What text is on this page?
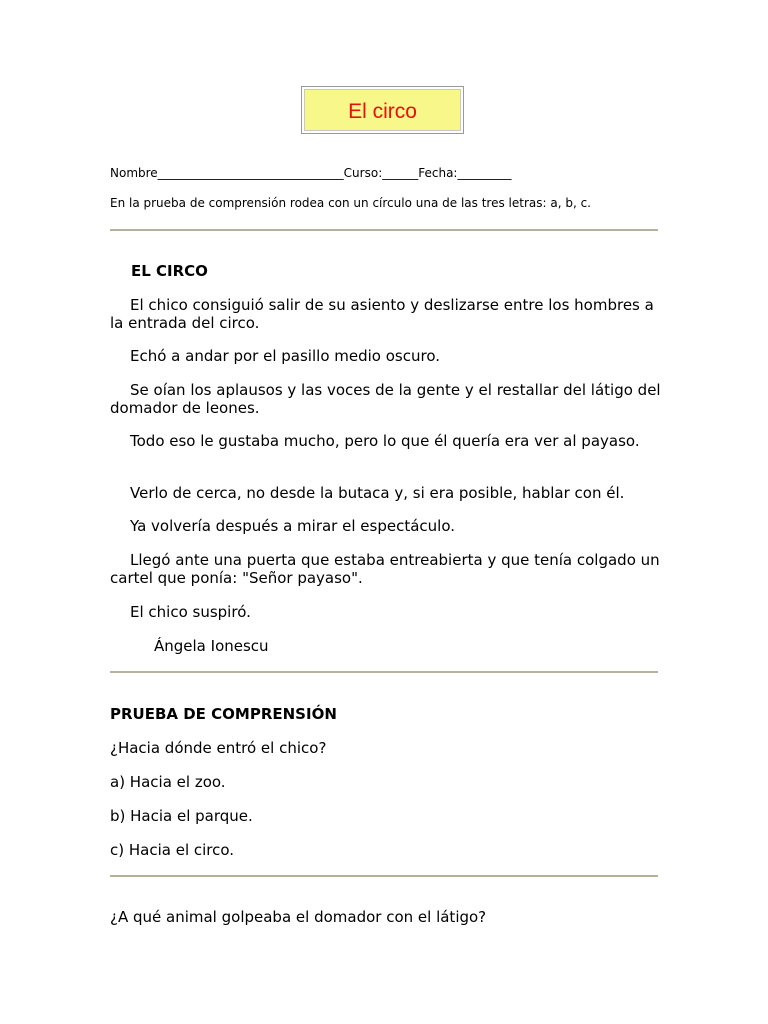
El circo
Nombre_______________________________Curso:______Fecha:_________
En la prueba de comprensión rodea con un círculo una de las tres letras: a, b, c.
EL CIRCO
El chico consiguió salir de su asiento y deslizarse entre los hombres a la entrada del circo.
Echó a andar por el pasillo medio oscuro.
Se oían los aplausos y las voces de la gente y el restallar del látigo del domador de leones.
Todo eso le gustaba mucho, pero lo que él quería era ver al payaso.
Verlo de cerca, no desde la butaca y, si era posible, hablar con él.
Ya volvería después a mirar el espectáculo.
Llegó ante una puerta que estaba entreabierta y que tenía colgado un cartel que ponía: "Señor payaso".
El chico suspiró.
Ángela Ionescu
PRUEBA DE COMPRENSIÓN
¿Hacia dónde entró el chico?
a) Hacia el zoo.
b) Hacia el parque.
c) Hacia el circo.
¿A qué animal golpeaba el domador con el látigo?
